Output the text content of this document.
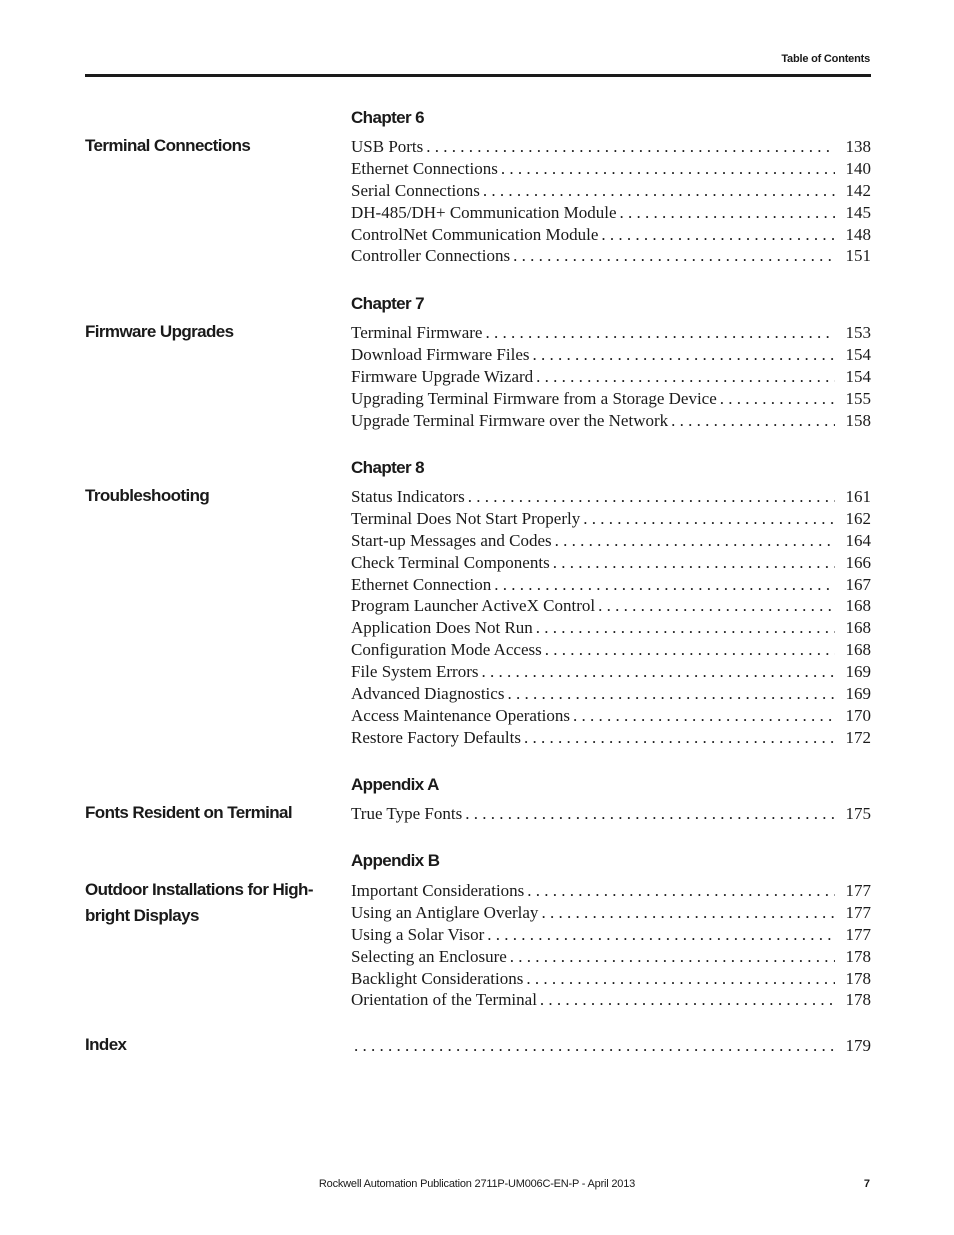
Table of Contents
Chapter 6
Terminal Connections	USB Ports . . .	138
Ethernet Connections . . .	140
Serial Connections . . .	142
DH-485/DH+ Communication Module . . .	145
ControlNet Communication Module . . .	148
Controller Connections . . .	151
Chapter 7
Firmware Upgrades	Terminal Firmware . . .	153
Download Firmware Files . . .	154
Firmware Upgrade Wizard . . .	154
Upgrading Terminal Firmware from a Storage Device . . .	155
Upgrade Terminal Firmware over the Network . . .	158
Chapter 8
Troubleshooting	Status Indicators . . .	161
Terminal Does Not Start Properly . . .	162
Start-up Messages and Codes . . .	164
Check Terminal Components . . .	166
Ethernet Connection . . .	167
Program Launcher ActiveX Control . . .	168
Application Does Not Run . . .	168
Configuration Mode Access . . .	168
File System Errors . . .	169
Advanced Diagnostics . . .	169
Access Maintenance Operations . . .	170
Restore Factory Defaults . . .	172
Appendix A
Fonts Resident on Terminal	True Type Fonts . . .	175
Appendix B
Outdoor Installations for High-bright Displays
Important Considerations . . .	177
Using an Antiglare Overlay . . .	177
Using a Solar Visor . . .	177
Selecting an Enclosure . . .	178
Backlight Considerations . . .	178
Orientation of the Terminal . . .	178
Index . . .	179
Rockwell Automation Publication 2711P-UM006C-EN-P - April 2013	7
